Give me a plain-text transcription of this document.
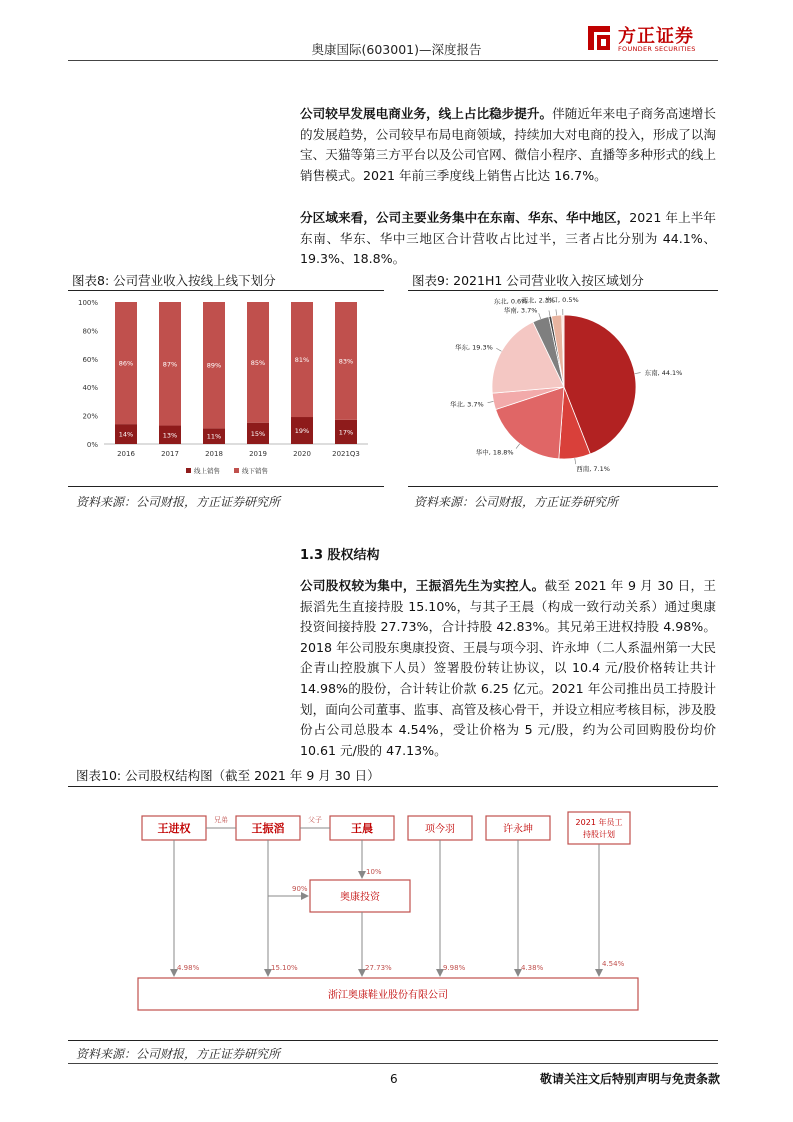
奥康国际(603001)—深度报告
方正证券
FOUNDER SECURITIES
公司较早发展电商业务，线上占比稳步提升。伴随近年来电子商务高速增长的发展趋势，公司较早布局电商领域，持续加大对电商的投入，形成了以淘宝、天猫等第三方平台以及公司官网、微信小程序、直播等多种形式的线上销售模式。2021 年前三季度线上销售占比达 16.7%。
分区域来看，公司主要业务集中在东南、华东、华中地区，2021 年上半年东南、华东、华中三地区合计营收占比过半，三者占比分别为 44.1%、19.3%、18.8%。
图表8: 公司营业收入按线上线下划分	图表9: 2021H1 公司营业收入按区域划分
0%
20%
40%
60%
80%
100%
14%
86%
2016
13%
87%
2017
11%
89%
2018
15%
85%
2019
19%
81%
2020
17%
83%
2021Q3
线上销售	线下销售
东南, 44.1%
西南, 7.1%
华中, 18.8%
华北, 3.7%
华东, 19.3%
华南, 3.7%
东北, 0.6%
西北, 2.3%
出口, 0.5%
资料来源：公司财报，方正证券研究所	资料来源：公司财报，方正证券研究所
1.3 股权结构
公司股权较为集中，王振滔先生为实控人。截至 2021 年 9 月 30 日，王振滔先生直接持股 15.10%，与其子王晨（构成一致行动关系）通过奥康投资间接持股 27.73%，合计持股 42.83%。其兄弟王进权持股 4.98%。2018 年公司股东奥康投资、王晨与项今羽、许永坤（二人系温州第一大民企青山控股旗下人员）签署股份转让协议，以 10.4 元/股价格转让共计 14.98%的股份，合计转让价款 6.25 亿元。2021 年公司推出员工持股计划，面向公司董事、监事、高管及核心骨干，并设立相应考核目标，涉及股份占公司总股本 4.54%，受让价格为 5 元/股，约为公司回购股份均价 10.61 元/股的 47.13%。
图表10: 公司股权结构图（截至 2021 年 9 月 30 日）
王进权	王振滔	王晨	项今羽	许永坤
2021 年员工
持股计划
奥康投资
浙江奥康鞋业股份有限公司
兄弟	父子
10%
90%
4.98%	15.10%	27.73%	9.98%	4.38%	4.54%
资料来源：公司财报，方正证券研究所
6	敬请关注文后特别声明与免责条款
